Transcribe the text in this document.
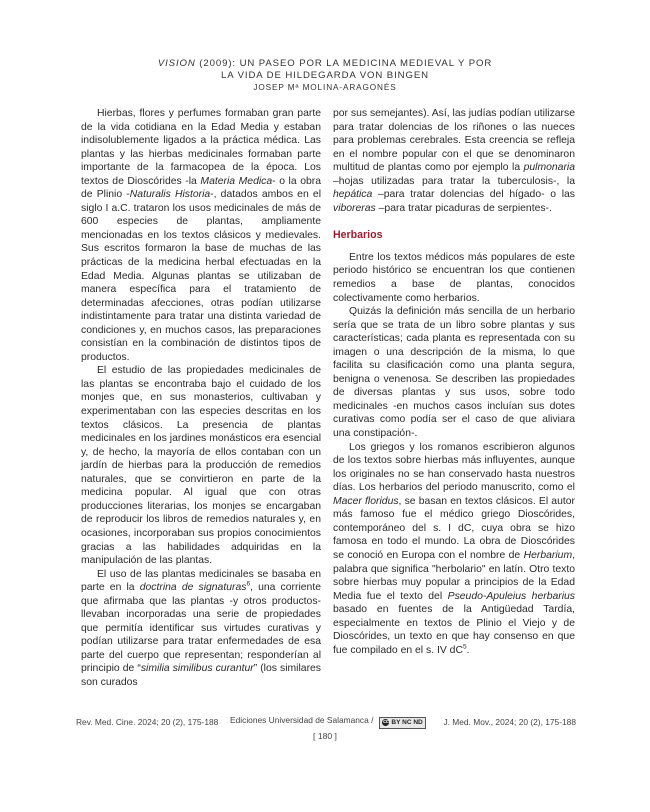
VISION (2009): UN PASEO POR LA MEDICINA MEDIEVAL Y POR
LA VIDA DE HILDEGARDA VON BINGEN
JOSEP Mª MOLINA-ARAGONÉS

Hierbas, flores y perfumes formaban gran parte de la vida cotidiana en la Edad Media y estaban indisolublemente ligados a la práctica médica. Las plantas y las hierbas medicinales formaban parte importante de la farmacopea de la época. Los textos de Dioscórides -la Materia Medica- o la obra de Plinio -Naturalis Historia-, datados ambos en el siglo I a.C. trataron los usos medicinales de más de 600 especies de plantas, ampliamente mencionadas en los textos clásicos y medievales. Sus escritos formaron la base de muchas de las prácticas de la medicina herbal efectuadas en la Edad Media. Algunas plantas se utilizaban de manera específica para el tratamiento de determinadas afecciones, otras podían utilizarse indistintamente para tratar una distinta variedad de condiciones y, en muchos casos, las preparaciones consistían en la combinación de distintos tipos de productos.

El estudio de las propiedades medicinales de las plantas se encontraba bajo el cuidado de los monjes que, en sus monasterios, cultivaban y experimentaban con las especies descritas en los textos clásicos. La presencia de plantas medicinales en los jardines monásticos era esencial y, de hecho, la mayoría de ellos contaban con un jardín de hierbas para la producción de remedios naturales, que se convirtieron en parte de la medicina popular. Al igual que con otras producciones literarias, los monjes se encargaban de reproducir los libros de remedios naturales y, en ocasiones, incorporaban sus propios conocimientos gracias a las habilidades adquiridas en la manipulación de las plantas.

El uso de las plantas medicinales se basaba en parte en la doctrina de signaturas$^6$, una corriente que afirmaba que las plantas -y otros productos- llevaban incorporadas una serie de propiedades que permitía identificar sus virtudes curativas y podían utilizarse para tratar enfermedades de esa parte del cuerpo que representan; responderían al principio de “similia similibus curantur” (los similares son curados

por sus semejantes). Así, las judías podían utilizarse para tratar dolencias de los riñones o las nueces para problemas cerebrales. Esta creencia se refleja en el nombre popular con el que se denominaron multitud de plantas como por ejemplo la pulmonaria –hojas utilizadas para tratar la tuberculosis-, la hepática –para tratar dolencias del hígado- o las viboreras –para tratar picaduras de serpientes-.

Herbarios

Entre los textos médicos más populares de este periodo histórico se encuentran los que contienen remedios a base de plantas, conocidos colectivamente como herbarios.

Quizás la definición más sencilla de un herbario sería que se trata de un libro sobre plantas y sus características; cada planta es representada con su imagen o una descripción de la misma, lo que facilita su clasificación como una planta segura, benigna o venenosa. Se describen las propiedades de diversas plantas y sus usos, sobre todo medicinales -en muchos casos incluían sus dotes curativas como podía ser el caso de que aliviara una constipación-.

Los griegos y los romanos escribieron algunos de los textos sobre hierbas más influyentes, aunque los originales no se han conservado hasta nuestros días. Los herbarios del periodo manuscrito, como el Macer floridus, se basan en textos clásicos. El autor más famoso fue el médico griego Dioscórides, contemporáneo del s. I dC, cuya obra se hizo famosa en todo el mundo. La obra de Dioscórides se conoció en Europa con el nombre de Herbarium, palabra que significa "herbolario" en latín. Otro texto sobre hierbas muy popular a principios de la Edad Media fue el texto del Pseudo-Apuleius herbarius basado en fuentes de la Antigüedad Tardía, especialmente en textos de Plinio el Viejo y de Dioscórides, un texto en que hay consenso en que fue compilado en el s. IV $dC^5$.

Rev. Med. Cine. 2024; 20 (2), 175-188 Ediciones Universidad de Salamanca / cc BY NC ND J. Med. Mov., 2024; 20 (2), 175-188
[ 180 ]
